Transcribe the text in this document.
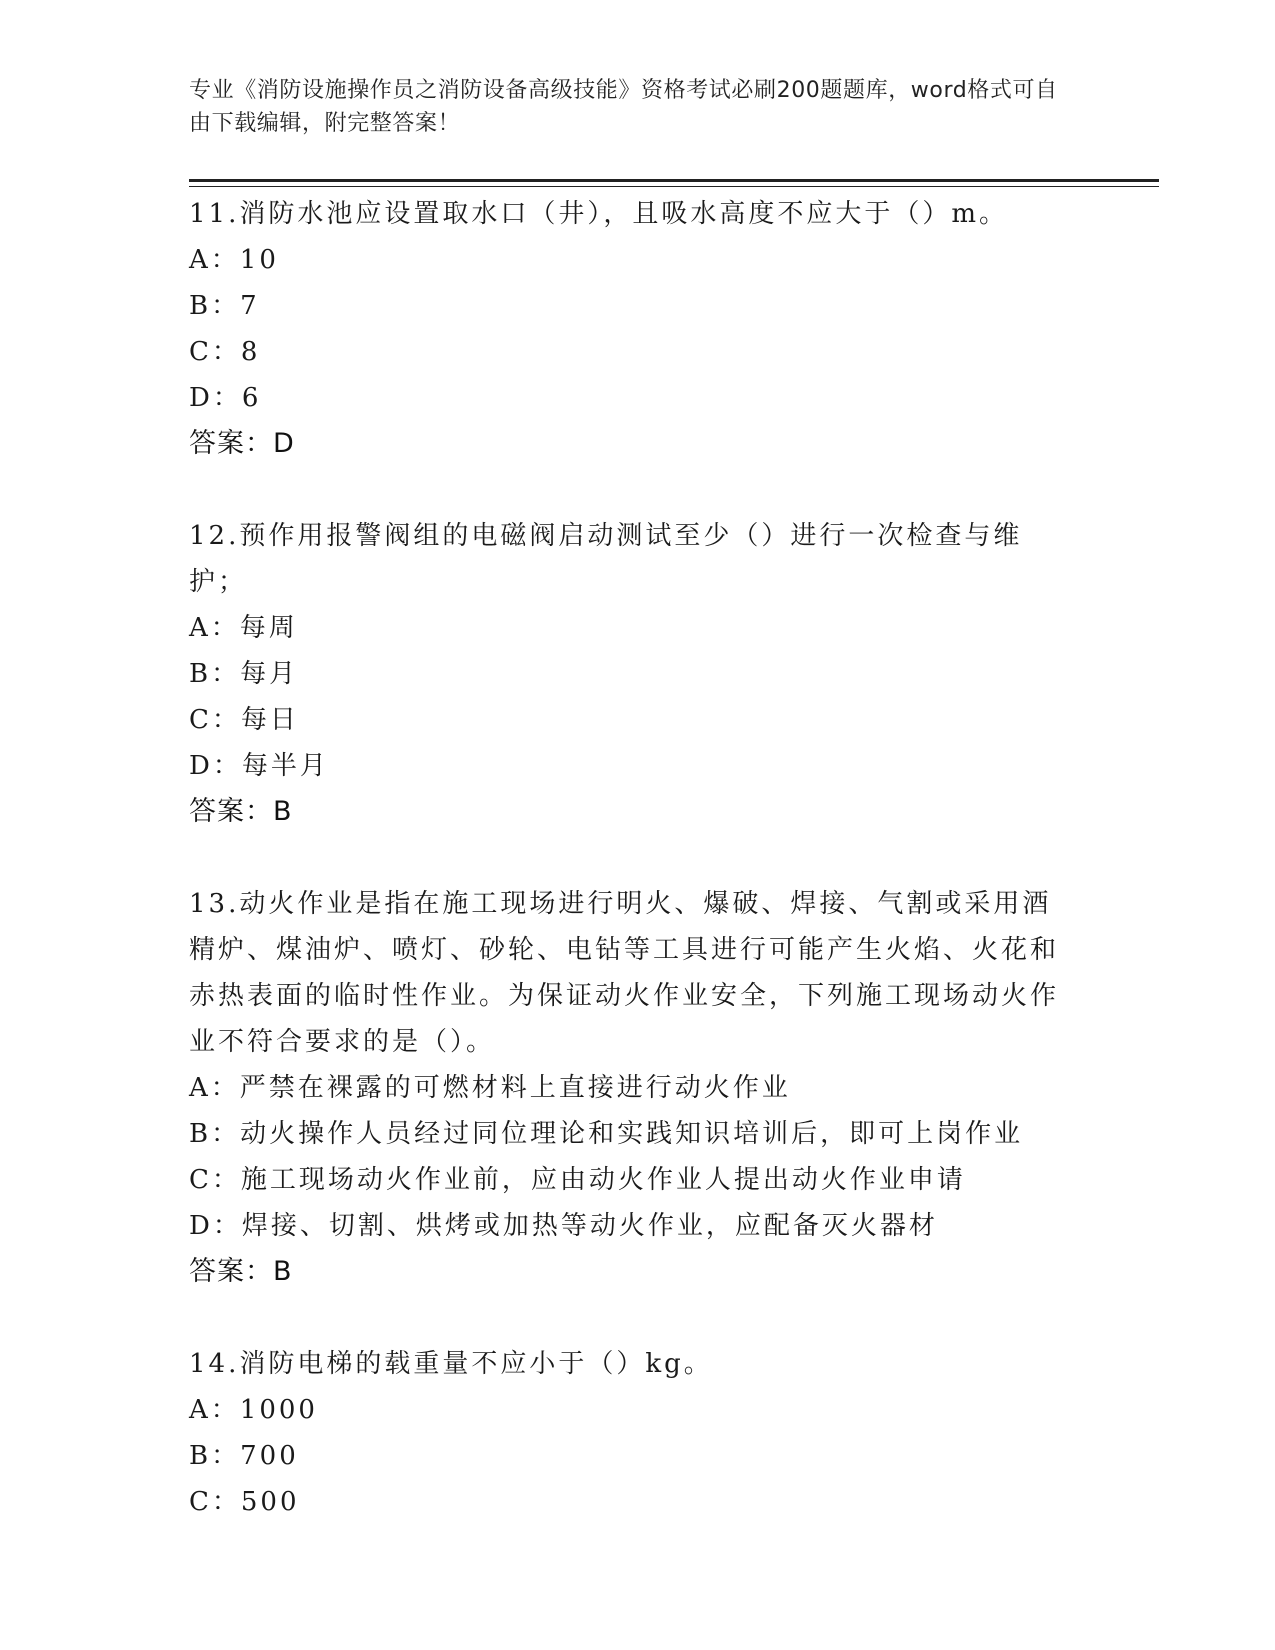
专业《消防设施操作员之消防设备高级技能》资格考试必刷200题题库，word格式可自由下载编辑，附完整答案！
11.消防水池应设置取水口（井），且吸水高度不应大于（）m。
A：10
B：7
C：8
D：6
答案：D
12.预作用报警阀组的电磁阀启动测试至少（）进行一次检查与维护；
A：每周
B：每月
C：每日
D：每半月
答案：B
13.动火作业是指在施工现场进行明火、爆破、焊接、气割或采用酒精炉、煤油炉、喷灯、砂轮、电钻等工具进行可能产生火焰、火花和赤热表面的临时性作业。为保证动火作业安全，下列施工现场动火作业不符合要求的是（）。
A：严禁在裸露的可燃材料上直接进行动火作业
B：动火操作人员经过同位理论和实践知识培训后，即可上岗作业
C：施工现场动火作业前，应由动火作业人提出动火作业申请
D：焊接、切割、烘烤或加热等动火作业，应配备灭火器材
答案：B
14.消防电梯的载重量不应小于（）kg。
A：1000
B：700
C：500
